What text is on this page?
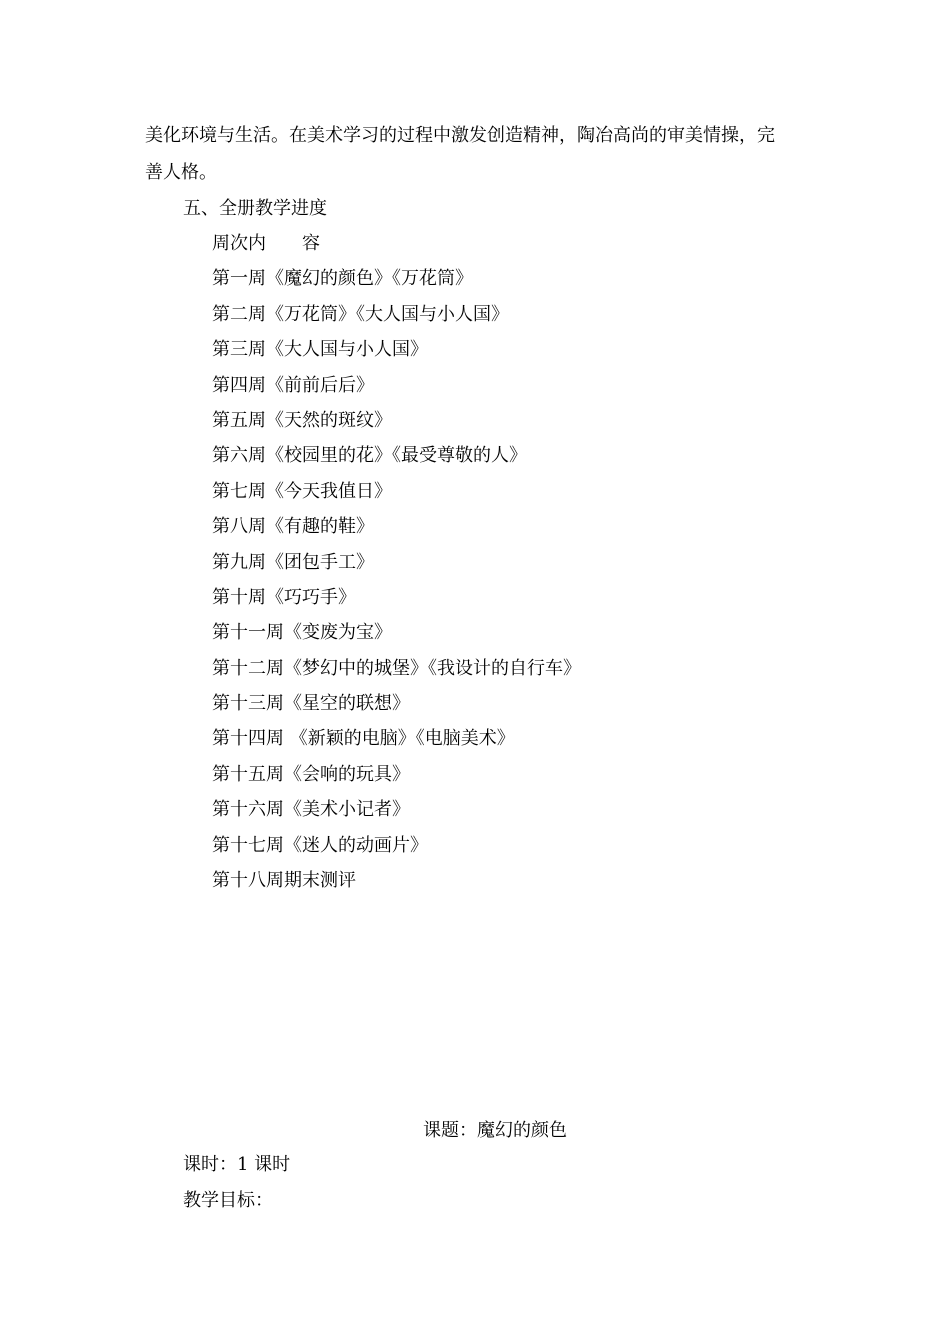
美化环境与生活。在美术学习的过程中激发创造精神，陶冶高尚的审美情操，完
善人格。
五、全册教学进度
周次内 容
第一周《魔幻的颜色》《万花筒》
第二周《万花筒》《大人国与小人国》
第三周《大人国与小人国》
第四周《前前后后》
第五周《天然的斑纹》
第六周《校园里的花》《最受尊敬的人》
第七周《今天我值日》
第八周《有趣的鞋》
第九周《团包手工》
第十周《巧巧手》
第十一周《变废为宝》
第十二周《梦幻中的城堡》《我设计的自行车》
第十三周《星空的联想》
第十四周 《新颖的电脑》《电脑美术》
第十五周《会响的玩具》
第十六周《美术小记者》
第十七周《迷人的动画片》
第十八周期末测评
课题：魔幻的颜色
课时：1 课时
教学目标：
